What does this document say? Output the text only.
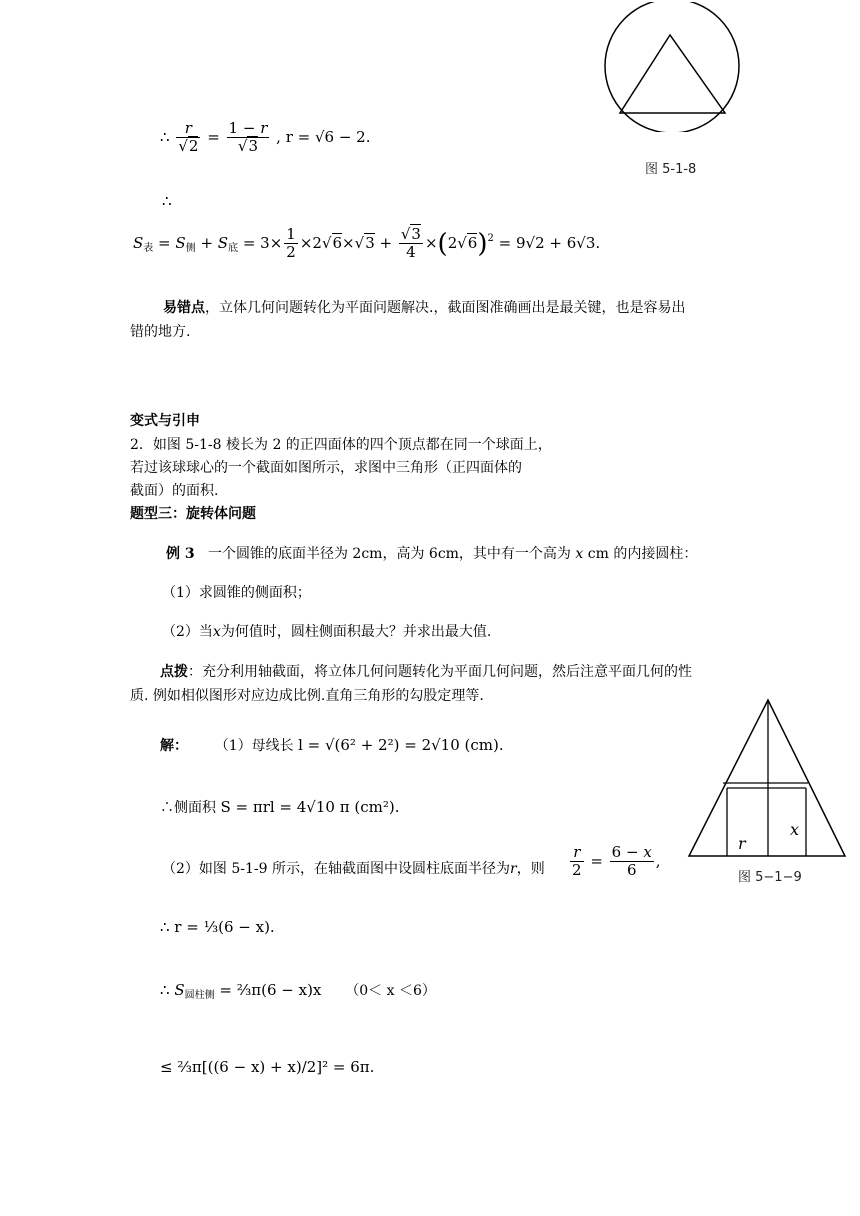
图 5-1-8
∴ $\frac{r}{√2} = \frac{1 - r}{√3}$ , r = √6 − 2.
∴
$S_表 = S_侧 + S_底 = 3\times \frac{1}{2} \times 2√6\times√3 + \frac{√3}{4} \times(2√6)^2 = 9√2 + 6√3$.

易错点，立体几何问题转化为平面问题解决.，截面图准确画出是最关键，也是容易出

错的地方.

变式与引申
2．如图 5-1-8 棱长为 2 的正四面体的四个顶点都在同一个球面上，
若过该球球心的一个截面如图所示，求图中三角形（正四面体的
截面）的面积.
题型三：旋转体问题
例 3 一个圆锥的底面半径为 2cm，高为 6cm，其中有一个高为 x cm 的内接圆柱：
（1）求圆锥的侧面积；
（2）当x为何值时，圆柱侧面积最大？并求出最大值.

点拨：充分利用轴截面，将立体几何问题转化为平面几何问题，然后注意平面几何的性

质. 例如相似图形对应边成比例.直角三角形的勾股定理等.

r
x
图 5−1−9
解： （1）母线长 l = √(6² + 2²) = 2√10 (cm).
∴侧面积 S = πrl = 4√10 π (cm²).
（2）如图 5-1-9 所示，在轴截面图中设圆柱底面半径为r，则 $\frac{r}{2} = \frac{6 - x}{6}$ ,
∴ r = ⅓(6 − x).
∴ $S_{圆柱侧}$ = ⅔π(6 − x)x （0＜ x ＜6）
≤ ⅔π[((6 − x) + x)/2]² = 6π.
